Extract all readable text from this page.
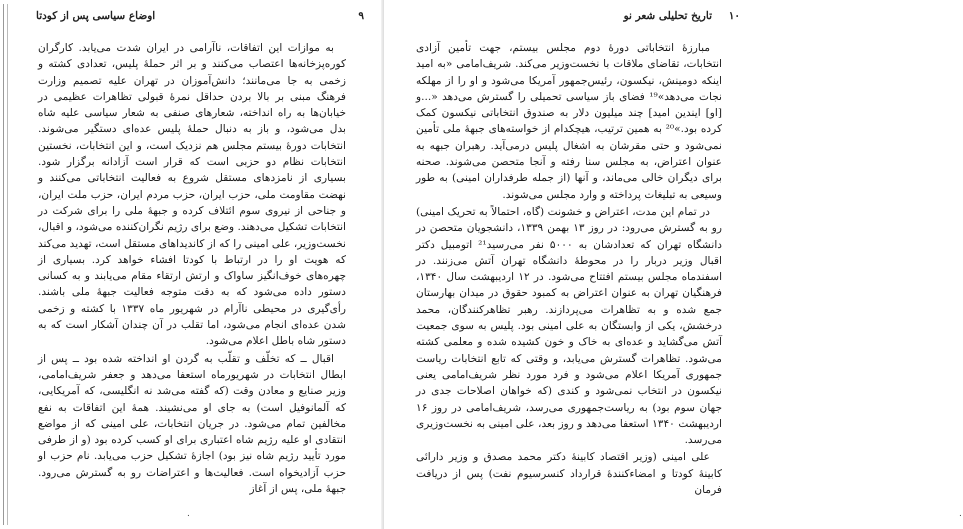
۹
اوضاع سیاسی پس از کودتا

به موازات این اتفاقات، ناآرامی در ایران شدت می‌یابد. کارگران کوره‌پزخانه‌ها اعتصاب می‌کنند و بر اثر حملهٔ پلیس، تعدادی کشته و زخمی به جا می‌مانند؛ دانش‌آموزان در تهران علیه تصمیم وزارت فرهنگ مبنی بر بالا بردن حداقل نمرهٔ قبولی تظاهرات عظیمی در خیابان‌ها به راه انداخته، شعارهای صنفی به شعار سیاسی علیه شاه بدل می‌شود، و باز به دنبال حملهٔ پلیس عده‌ای دستگیر می‌شوند. انتخابات دورهٔ بیستم مجلس هم نزدیک است، و این انتخابات، نخستین انتخابات نظام دو حزبی است که قرار است آزادانه برگزار شود. بسیاری از نامزدهای مستقل شروع به فعالیت انتخاباتی می‌کنند و نهضت مقاومت ملی، حزب ایران، حزب مردم ایران، حزب ملت ایران، و جناحی از نیروی سوم ائتلاف کرده و جبههٔ ملی را برای شرکت در انتخابات تشکیل می‌دهند. وضع برای رژیم نگران‌کننده می‌شود، و اقبال، نخست‌وزیر، علی امینی را که از کاندیداهای مستقل است، تهدید می‌کند که هویت او را در ارتباط با کودتا افشاء خواهد کرد. بسیاری از چهره‌های خوف‌انگیز ساواک و ارتش ارتقاء مقام می‌یابند و به کسانی دستور داده می‌شود که به دقت متوجه فعالیت جبههٔ ملی باشند. رأی‌گیری در محیطی ناآرام در شهریور ماه ۱۳۳۷ با کشته و زخمی شدن عده‌ای انجام می‌شود، اما تقلب در آن چندان آشکار است که به دستور شاه باطل اعلام می‌شود.

اقبال ــ که تخلّف و تقلّب به گردن او انداخته شده بود ــ پس از ابطال انتخابات در شهریورماه استعفا می‌دهد و جعفر شریف‌امامی، وزیر صنایع و معادن وقت (که گفته می‌شد نه انگلیسی، که آمریکایی، که آلمانوفیل است) به جای او می‌نشیند. همهٔ این اتفاقات به نفع مخالفین تمام می‌شود. در جریان انتخابات، علی امینی که از مواضع انتقادی او علیه رژیم شاه اعتباری برای او کسب کرده بود (و از طرفی مورد تأیید رژیم شاه نیز بود) اجازهٔ تشکیل حزب می‌یابد. نام حزب او حزب آزادیخواه است. فعالیت‌ها و اعتراضات رو به گسترش می‌رود. جبههٔ ملی، پس از آغاز

۰
۱۰
تاریخ تحلیلی شعر نو

مبارزهٔ انتخاباتی دورهٔ دوم مجلس بیستم، جهت تأمین آزادی انتخابات، تقاضای ملاقات با نخست‌وزیر می‌کند. شریف‌امامی «به امید اینکه دومینش، نیکسون، رئیس‌جمهور آمریکا می‌شود و او را از مهلکه نجات می‌دهد»¹⁹ فضای باز سیاسی تحمیلی را گسترش می‌دهد «...و [او] ایندین امید] چند میلیون دلار به صندوق انتخاباتی نیکسون کمک کرده بود.»²⁰ به همین ترتیب، هیچکدام از خواسته‌های جبههٔ ملی تأمین نمی‌شود و حتی مقرشان به اشغال پلیس درمی‌آید. رهبران جبهه به عنوان اعتراض، به مجلس سنا رفته و آنجا متحصن می‌شوند. صحنه برای دیگران خالی می‌ماند، و آنها (از جمله طرفداران امینی) به طور وسیعی به تبلیغات پرداخته و وارد مجلس می‌شوند.

در تمام این مدت، اعتراض و خشونت (گاه، احتمالاً به تحریک امینی) رو به گسترش می‌رود: در روز ۱۳ بهمن ۱۳۳۹، دانشجویان متحصن در دانشگاه تهران که تعدادشان به ۵۰۰۰ نفر می‌رسید²¹ اتومبیل دکتر اقبال وزیر دربار را در محوطهٔ دانشگاه تهران آتش می‌زنند. در اسفندماه مجلس بیستم افتتاح می‌شود. در ۱۲ اردیبهشت سال ۱۳۴۰، فرهنگیان تهران به عنوان اعتراض به کمبود حقوق در میدان بهارستان جمع شده و به تظاهرات می‌پردازند. رهبر تظاهرکنندگان، محمد درخشش، یکی از وابستگان به علی امینی بود. پلیس به سوی جمعیت آتش می‌گشاید و عده‌ای به خاک و خون کشیده شده و معلمی کشته می‌شود. تظاهرات گسترش می‌یابد، و وقتی که تابع انتخابات ریاست جمهوری آمریکا اعلام می‌شود و فرد مورد نظر شریف‌امامی یعنی نیکسون در انتخاب نمی‌شود و کندی (که خواهان اصلاحات جدی در جهان سوم بود) به ریاست‌جمهوری می‌رسد، شریف‌امامی در روز ۱۶ اردیبهشت ۱۳۴۰ استعفا می‌دهد و روز بعد، علی امینی به نخست‌وزیری می‌رسد.

علی امینی (وزیر اقتصاد کابینهٔ دکتر محمد مصدق و وزیر دارائی کابینهٔ کودتا و امضاءکنندهٔ قرارداد کنسرسیوم نفت) پس از دریافت فرمان

۰
